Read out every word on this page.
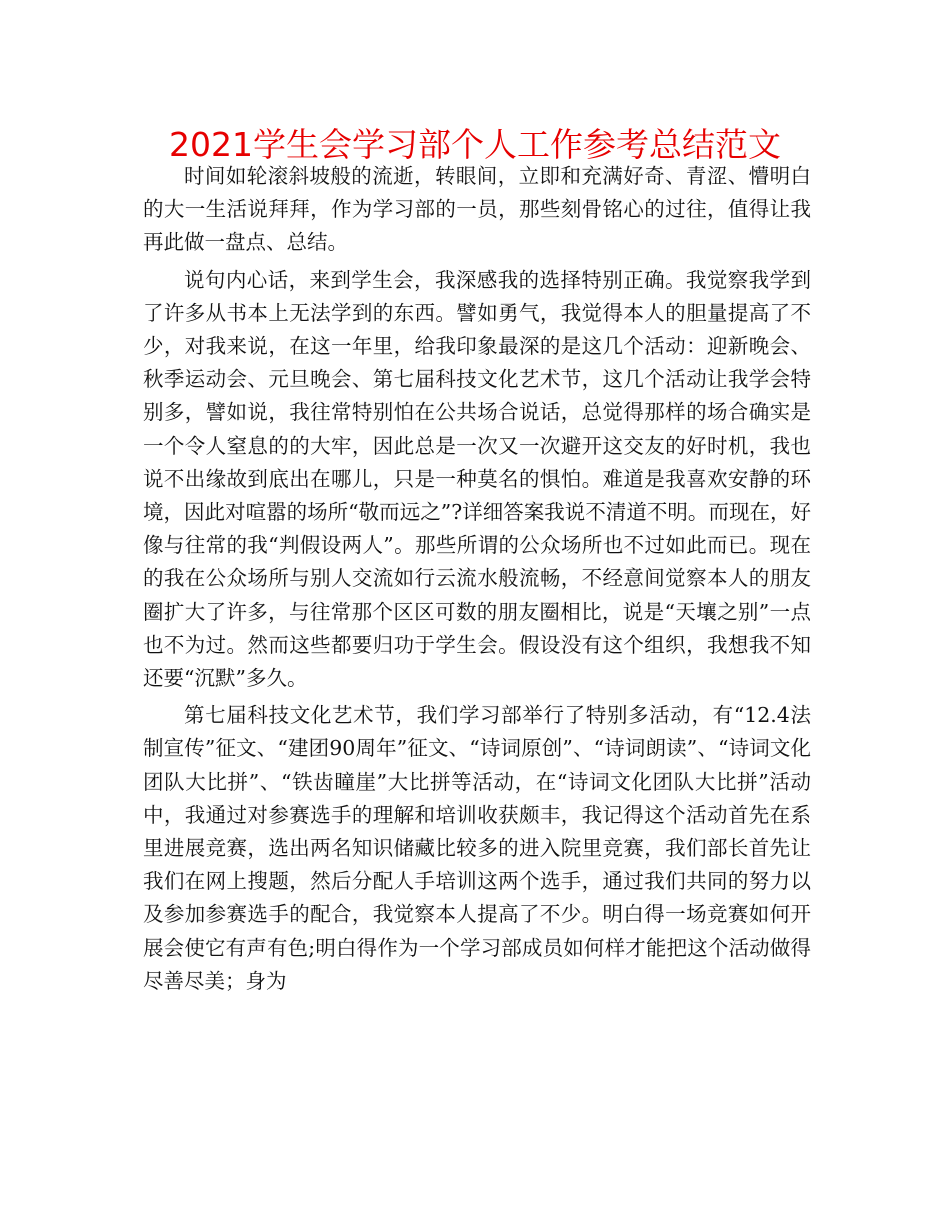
2021学生会学习部个人工作参考总结范文

时间如轮滚斜坡般的流逝，转眼间，立即和充满好奇、青涩、懵明白的大一生活说拜拜，作为学习部的一员，那些刻骨铭心的过往，值得让我再此做一盘点、总结。

说句内心话，来到学生会，我深感我的选择特别正确。我觉察我学到了许多从书本上无法学到的东西。譬如勇气，我觉得本人的胆量提高了不少，对我来说，在这一年里，给我印象最深的是这几个活动：迎新晚会、秋季运动会、元旦晚会、第七届科技文化艺术节，这几个活动让我学会特别多，譬如说，我往常特别怕在公共场合说话，总觉得那样的场合确实是一个令人窒息的的大牢，因此总是一次又一次避开这交友的好时机，我也说不出缘故到底出在哪儿，只是一种莫名的惧怕。难道是我喜欢安静的环境，因此对喧嚣的场所“敬而远之”?详细答案我说不清道不明。而现在，好像与往常的我“判假设两人”。那些所谓的公众场所也不过如此而已。现在的我在公众场所与别人交流如行云流水般流畅，不经意间觉察本人的朋友圈扩大了许多，与往常那个区区可数的朋友圈相比，说是“天壤之别”一点也不为过。然而这些都要归功于学生会。假设没有这个组织，我想我不知还要“沉默”多久。

第七届科技文化艺术节，我们学习部举行了特别多活动，有“12.4法制宣传”征文、“建团90周年”征文、“诗词原创”、“诗词朗读”、“诗词文化团队大比拼”、“铁齿瞳崖”大比拼等活动，在“诗词文化团队大比拼”活动中，我通过对参赛选手的理解和培训收获颇丰，我记得这个活动首先在系里进展竞赛，选出两名知识储藏比较多的进入院里竞赛，我们部长首先让我们在网上搜题，然后分配人手培训这两个选手，通过我们共同的努力以及参加参赛选手的配合，我觉察本人提高了不少。明白得一场竞赛如何开展会使它有声有色;明白得作为一个学习部成员如何样才能把这个活动做得尽善尽美；身为
